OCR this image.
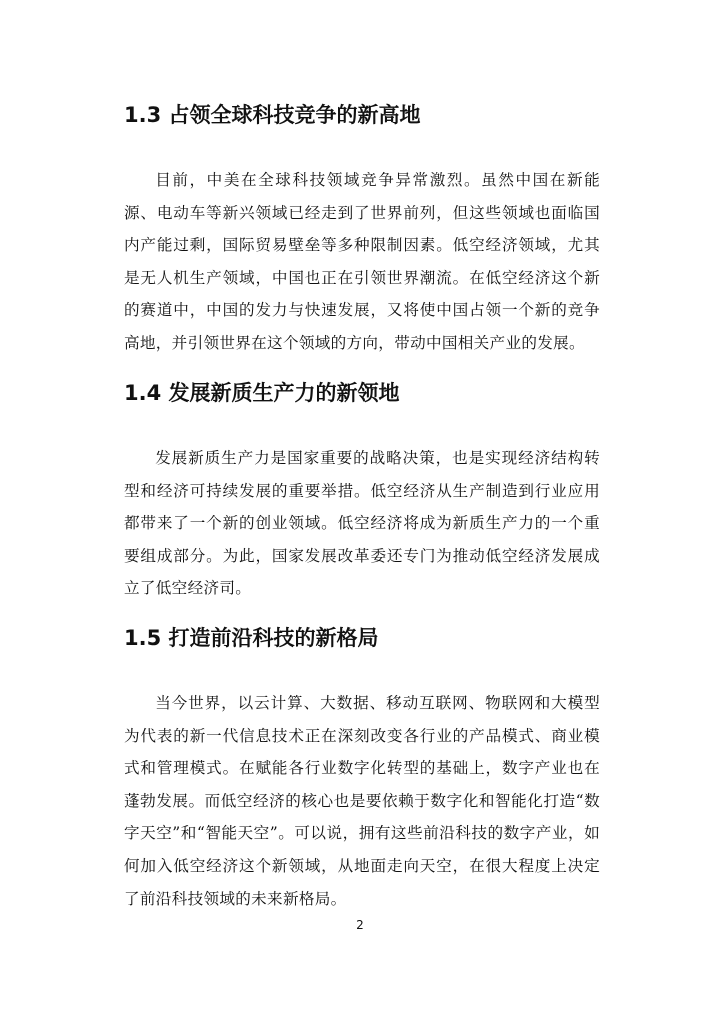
1.3 占领全球科技竞争的新高地

目前，中美在全球科技领域竞争异常激烈。虽然中国在新能源、电动车等新兴领域已经走到了世界前列，但这些领域也面临国内产能过剩，国际贸易壁垒等多种限制因素。低空经济领域，尤其是无人机生产领域，中国也正在引领世界潮流。在低空经济这个新的赛道中，中国的发力与快速发展，又将使中国占领一个新的竞争高地，并引领世界在这个领域的方向，带动中国相关产业的发展。

1.4 发展新质生产力的新领地

发展新质生产力是国家重要的战略决策，也是实现经济结构转型和经济可持续发展的重要举措。低空经济从生产制造到行业应用都带来了一个新的创业领域。低空经济将成为新质生产力的一个重要组成部分。为此，国家发展改革委还专门为推动低空经济发展成立了低空经济司。

1.5 打造前沿科技的新格局

当今世界，以云计算、大数据、移动互联网、物联网和大模型为代表的新一代信息技术正在深刻改变各行业的产品模式、商业模式和管理模式。在赋能各行业数字化转型的基础上，数字产业也在蓬勃发展。而低空经济的核心也是要依赖于数字化和智能化打造“数字天空”和“智能天空”。可以说，拥有这些前沿科技的数字产业，如何加入低空经济这个新领域，从地面走向天空，在很大程度上决定了前沿科技领域的未来新格局。

2
